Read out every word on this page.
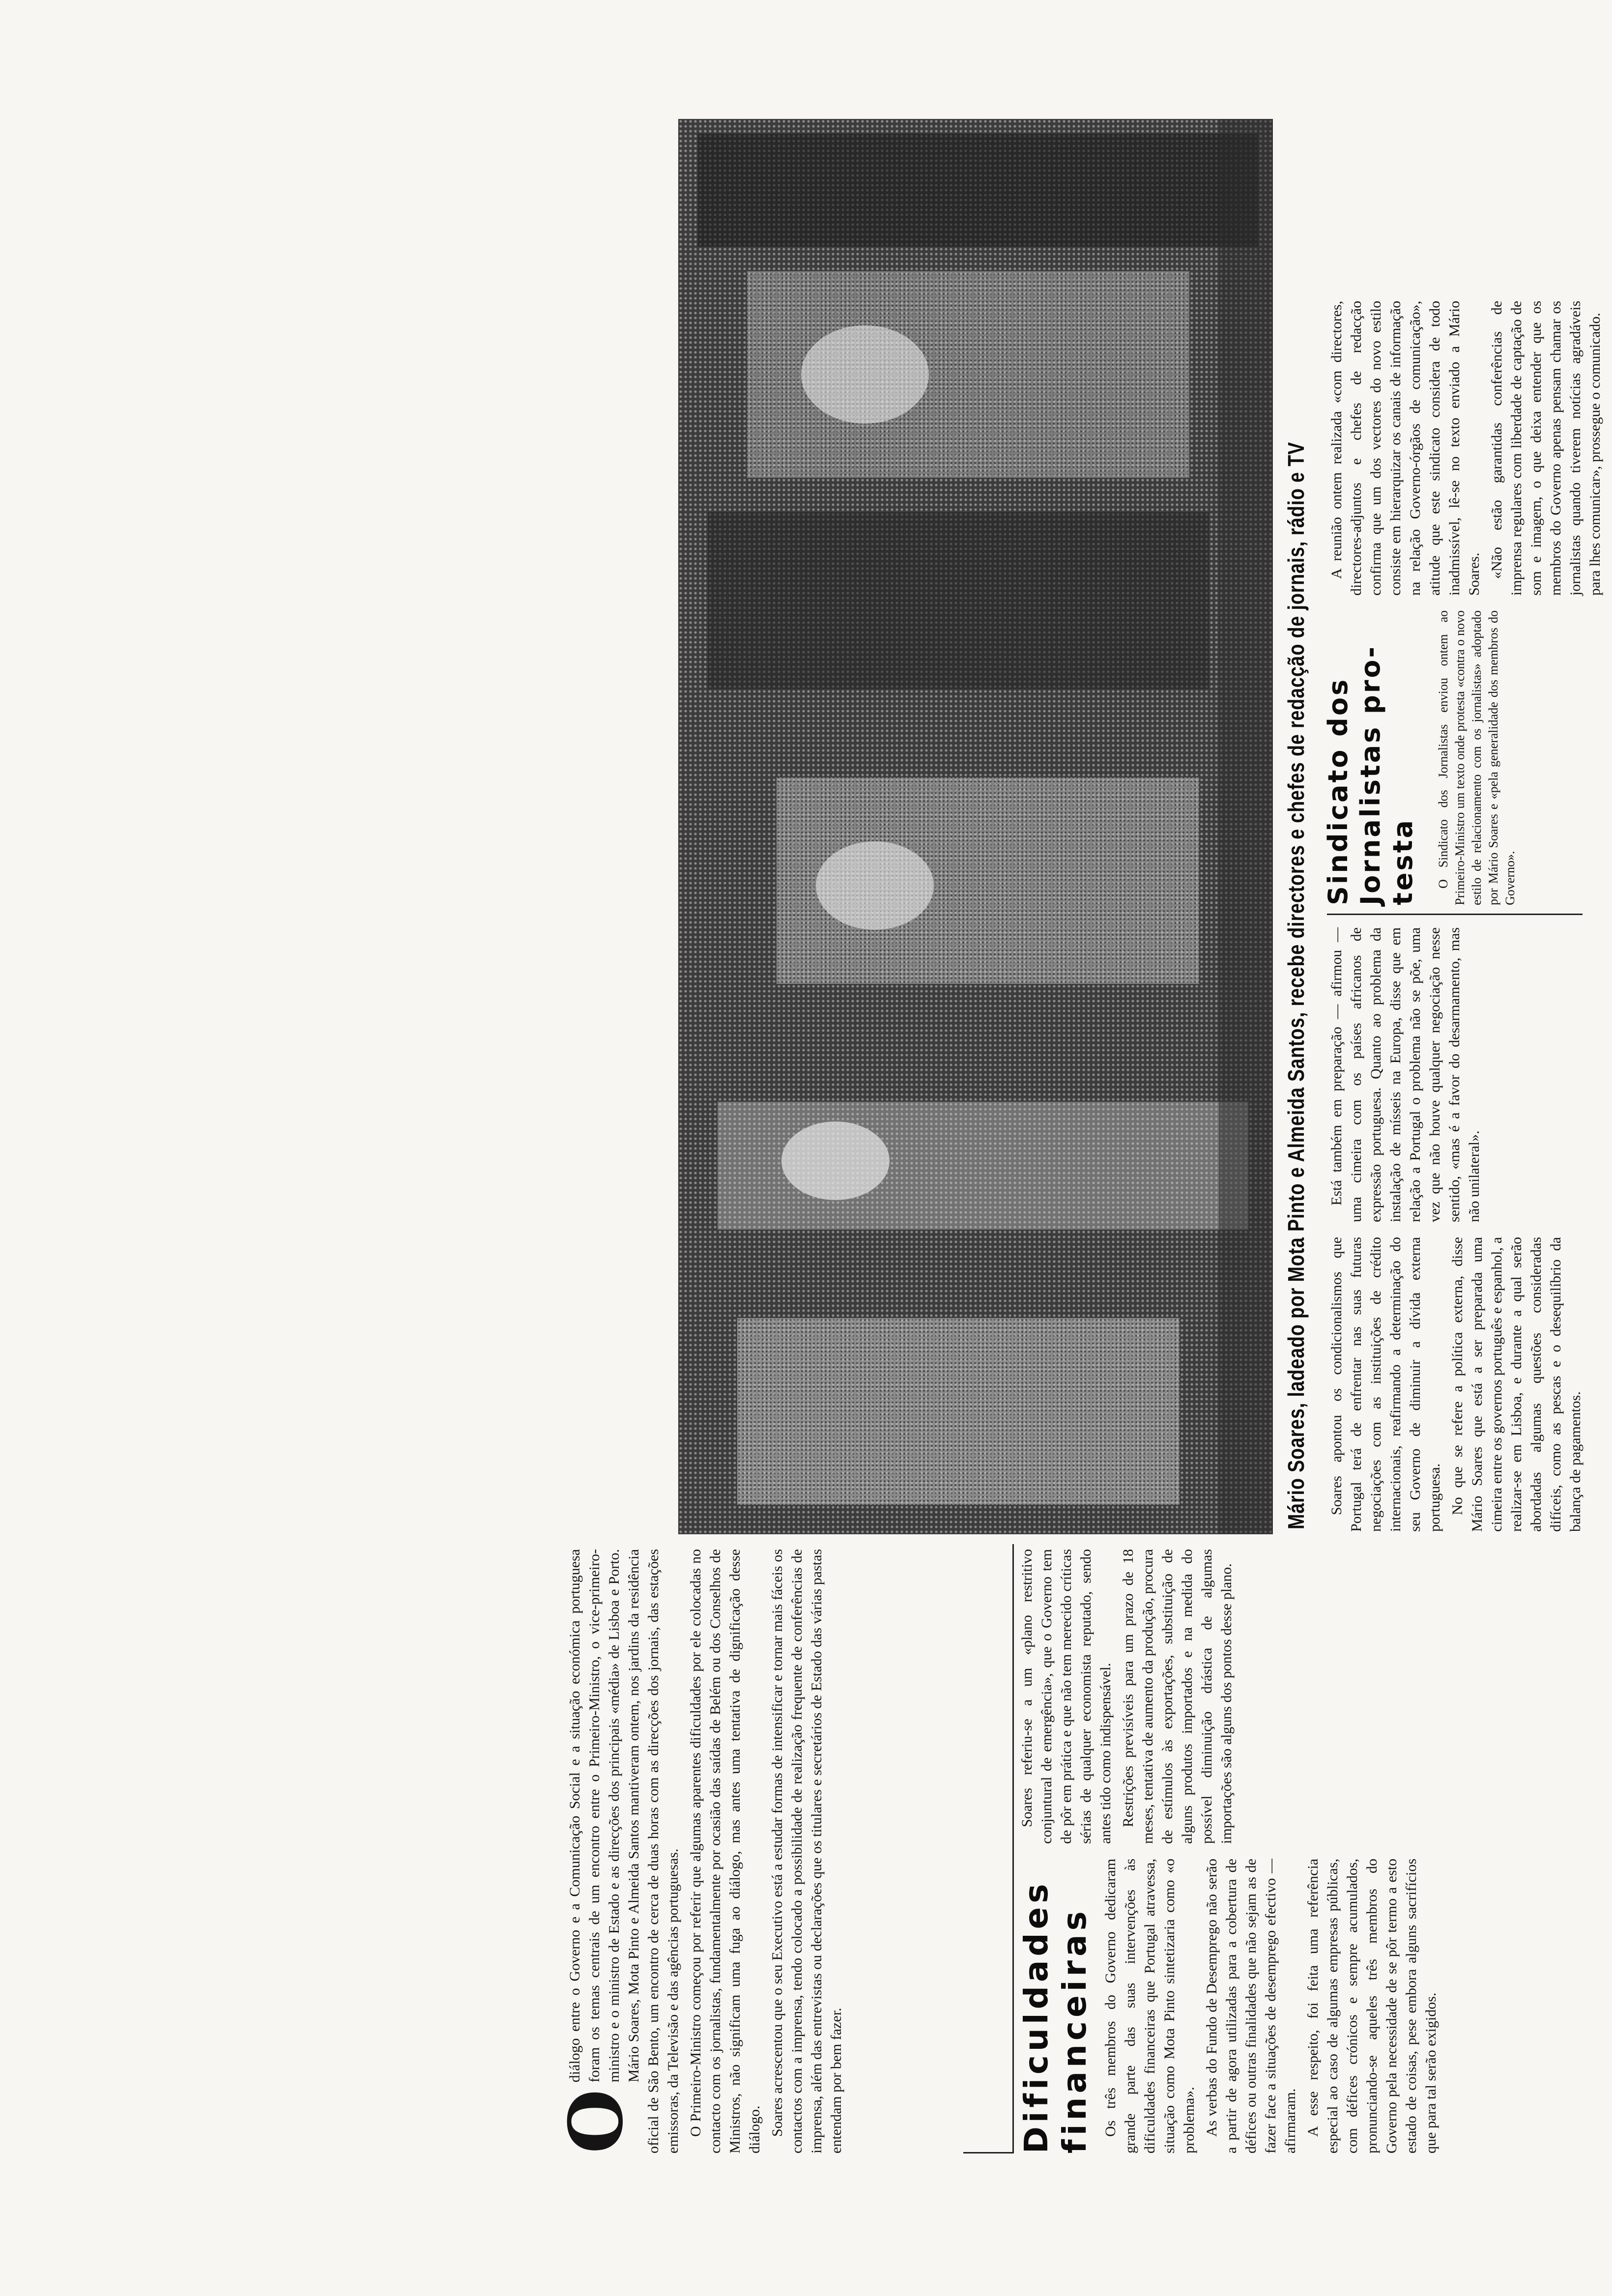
O

diálogo entre o Governo e a Comunicação Social e a situação económica portuguesa foram os temas centrais de um encontro entre o Primeiro-Ministro, o vice-primeiro-ministro e o ministro de Estado e as direcções dos principais «média» de Lisboa e Porto. Mário Soares, Mota Pinto e Almeida Santos mantiveram ontem, nos jardins da residência oficial de São Bento, um encontro de cerca de duas horas com as direcções dos jornais, das estações emissoras, da Televisão e das agências portuguesas. O Primeiro-Ministro começou por referir que algumas aparentes dificuldades por ele colocadas no contacto com os jornalistas, fundamentalmente por ocasião das saídas de Belém ou dos Conselhos de Ministros, não significam uma fuga ao diálogo, mas antes uma tentativa de dignificação desse diálogo. Soares acrescentou que o seu Executivo está a estudar formas de intensificar e tornar mais fáceis os contactos com a imprensa, tendo colocado a possibilidade de realização frequente de conferências de imprensa, além das entrevistas ou declarações que os titulares e secretários de Estado das várias pastas entendam por bem fazer.	Dificuldades financeiras Os três membros do Governo dedicaram grande parte das suas intervenções às dificuldades financeiras que Portugal atravessa, situação como Mota Pinto sintetizaria como «o problema». As verbas do Fundo de Desemprego não serão a partir de agora utilizadas para a cobertura de défices ou outras finalidades que não sejam as de fazer face a situações de desemprego efectivo — afirmaram. A esse respeito, foi feita uma referência especial ao caso de algumas empresas públicas, com défices crónicos e sempre acumulados, pronunciando-se aqueles três membros do Governo pela necessidade de se pôr termo a esto estado de coisas, pese embora alguns sacrifícios que para tal serão exigidos.

Soares referiu-se a um «plano restritivo conjuntural de emergência», que o Governo tem de pôr em prática e que não tem merecido críticas sérias de qualquer economista reputado, sendo antes tido como indispensável. Restrições previsíveis para um prazo de 18 meses, tentativa de aumento da produção, procura de estímulos às exportações, substituição de alguns produtos importados e na medida do possível diminuição drástica de algumas importações são alguns dos pontos desse plano.

Mário Soares, ladeado por Mota Pinto e Almeida Santos, recebe directores e chefes de redacção de jornais, rádio e TV Soares apontou os condicionalismos que Portugal terá de enfrentar nas suas futuras negociações com as instituições de crédito internacionais, reafirmando a determinação do seu Governo de diminuir a dívida externa portuguesa. No que se refere a política externa, disse Mário Soares que está a ser preparada uma cimeira entre os governos português e espanhol, a realizar-se em Lisboa, e durante a qual serão abordadas algumas questões consideradas difíceis, como as pescas e o desequilíbrio da balança de pagamentos.

Está também em preparação — afirmou — uma cimeira com os países africanos de expressão portuguesa. Quanto ao problema da instalação de mísseis na Europa, disse que em relação a Portugal o problema não se põe, uma vez que não houve qualquer negociação nesse sentido, «mas é a favor do desarmamento, mas não unilateral».

Sindicato dos Jornalistas pro- testa O Sindicato dos Jornalistas enviou ontem ao Primeiro-Ministro um texto onde protesta «contra o novo estilo de relacionamento com os jornalistas» adoptado por Mário Soares e «pela generalidade dos membros do Governo».

A reunião ontem realizada «com directores, directores-adjuntos e chefes de redacção confirma que um dos vectores do novo estilo consiste em hierarquizar os canais de informação na relação Governo-órgãos de comunicação», atitude que este sindicato considera de todo inadmissível, lê-se no texto enviado a Mário Soares. «Não estão garantidas conferências de imprensa regulares com liberdade de captação de som e imagem, o que deixa entender que os membros do Governo apenas pensam chamar os jornalistas quando tiverem notícias agradáveis para lhes comunicar», prossegue o comunicado.
